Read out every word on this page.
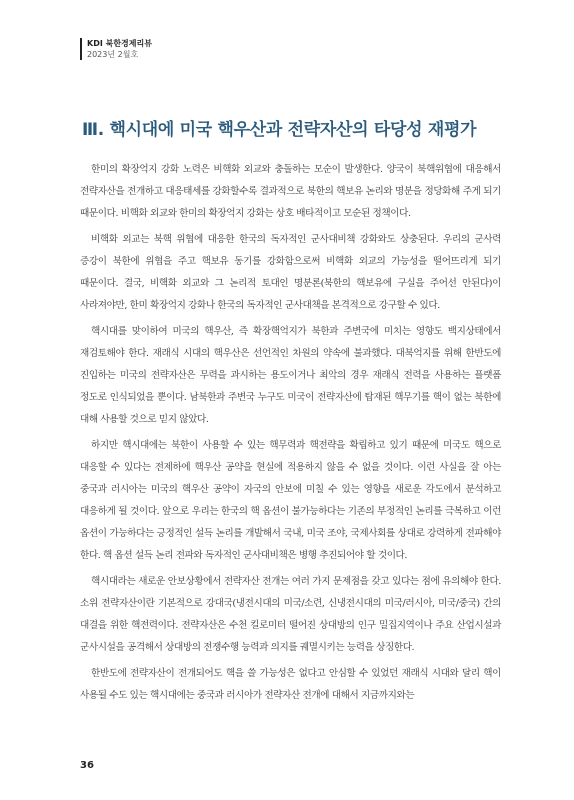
KDI 북한경제리뷰
2023년 2월호
Ⅲ. 핵시대에 미국 핵우산과 전략자산의 타당성 재평가

한미의 확장억지 강화 노력은 비핵화 외교와 충돌하는 모순이 발생한다. 양국이 북핵위협에 대응해서 전략자산을 전개하고 대응태세를 강화할수록 결과적으로 북한의 핵보유 논리와 명분을 정당화해 주게 되기 때문이다. 비핵화 외교와 한미의 확장억지 강화는 상호 배타적이고 모순된 정책이다.

비핵화 외교는 북핵 위협에 대응한 한국의 독자적인 군사대비책 강화와도 상충된다. 우리의 군사력 증강이 북한에 위협을 주고 핵보유 동기를 강화함으로써 비핵화 외교의 가능성을 떨어뜨리게 되기 때문이다. 결국, 비핵화 외교와 그 논리적 토대인 명분론(북한의 핵보유에 구실을 주어선 안된다)이 사라져야만, 한미 확장억지 강화나 한국의 독자적인 군사대책을 본격적으로 강구할 수 있다.

핵시대를 맞이하여 미국의 핵우산, 즉 확장핵억지가 북한과 주변국에 미치는 영향도 백지상태에서 재검토해야 한다. 재래식 시대의 핵우산은 선언적인 차원의 약속에 불과했다. 대북억지를 위해 한반도에 진입하는 미국의 전략자산은 무력을 과시하는 용도이거나 최악의 경우 재래식 전력을 사용하는 플랫폼 정도로 인식되었을 뿐이다. 남북한과 주변국 누구도 미국이 전략자산에 탑재된 핵무기를 핵이 없는 북한에 대해 사용할 것으로 믿지 않았다.

하지만 핵시대에는 북한이 사용할 수 있는 핵무력과 핵전략을 확립하고 있기 때문에 미국도 핵으로 대응할 수 있다는 전제하에 핵우산 공약을 현실에 적용하지 않을 수 없을 것이다. 이런 사실을 잘 아는 중국과 러시아는 미국의 핵우산 공약이 자국의 안보에 미칠 수 있는 영향을 새로운 각도에서 분석하고 대응하게 될 것이다. 앞으로 우리는 한국의 핵 옵션이 불가능하다는 기존의 부정적인 논리를 극복하고 이런 옵션이 가능하다는 긍정적인 설득 논리를 개발해서 국내, 미국 조야, 국제사회를 상대로 강력하게 전파해야 한다. 핵 옵션 설득 논리 전파와 독자적인 군사대비책은 병행 추진되어야 할 것이다.

핵시대라는 새로운 안보상황에서 전략자산 전개는 여러 가지 문제점을 갖고 있다는 점에 유의해야 한다. 소위 전략자산이란 기본적으로 강대국(냉전시대의 미국/소련, 신냉전시대의 미국/러시아, 미국/중국) 간의 대결을 위한 핵전력이다. 전략자산은 수천 킬로미터 떨어진 상대방의 인구 밀집지역이나 주요 산업시설과 군사시설을 공격해서 상대방의 전쟁수행 능력과 의지를 궤멸시키는 능력을 상징한다.

한반도에 전략자산이 전개되어도 핵을 쓸 가능성은 없다고 안심할 수 있었던 재래식 시대와 달리 핵이 사용될 수도 있는 핵시대에는 중국과 러시아가 전략자산 전개에 대해서 지금까지와는

36
